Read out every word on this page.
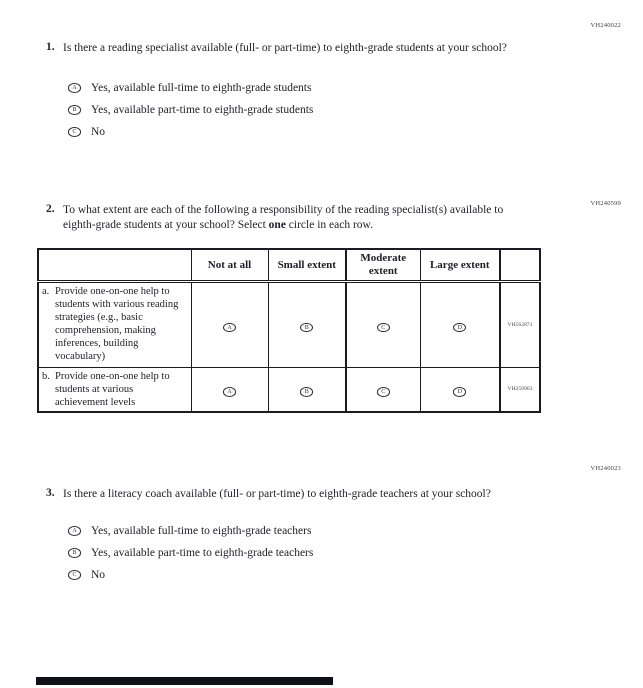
VH240022
1. Is there a reading specialist available (full- or part-time) to eighth-grade students at your school?
A Yes, available full-time to eighth-grade students
B Yes, available part-time to eighth-grade students
C No
VH240599
2. To what extent are each of the following a responsibility of the reading specialist(s) available to eighth-grade students at your school? Select one circle in each row.
	Not at all	Small extent	Moderate extent	Large extent	

a. Provide one-on-one help to students with various reading strategies (e.g., basic comprehension, making inferences, building vocabulary)	A	B	C	D	VH562871

b. Provide one-on-one help to students at various achievement levels	A	B	C	D	VH259963
VH240023
3. Is there a literacy coach available (full- or part-time) to eighth-grade teachers at your school?
A Yes, available full-time to eighth-grade teachers
B Yes, available part-time to eighth-grade teachers
C No
